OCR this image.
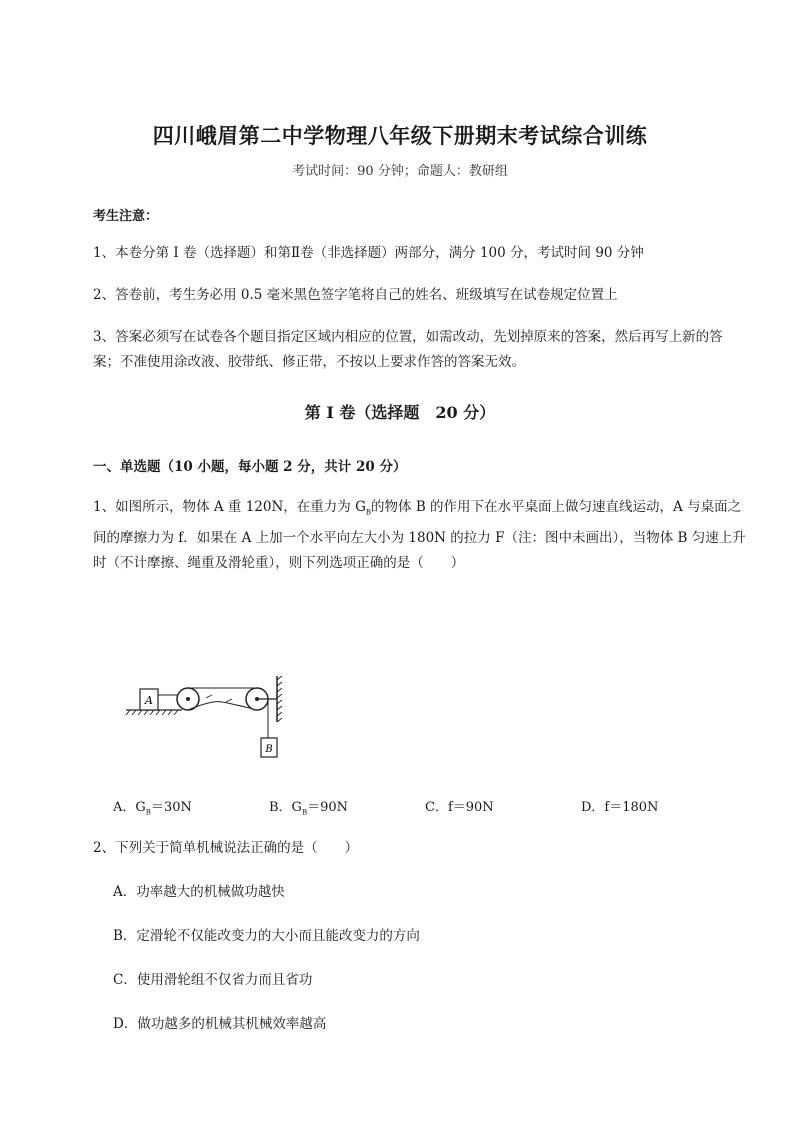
四川峨眉第二中学物理八年级下册期末考试综合训练
考试时间：90 分钟；命题人：教研组
考生注意：
1、本卷分第 I 卷（选择题）和第Ⅱ卷（非选择题）两部分，满分 100 分，考试时间 90 分钟
2、答卷前，考生务必用 0.5 毫米黑色签字笔将自己的姓名、班级填写在试卷规定位置上
3、答案必须写在试卷各个题目指定区域内相应的位置，如需改动，先划掉原来的答案，然后再写上新的答案；不准使用涂改液、胶带纸、修正带，不按以上要求作答的答案无效。
第 I 卷（选择题　20 分）
一、单选题（10 小题，每小题 2 分，共计 20 分）
1、如图所示，物体 A 重 120N，在重力为 $G_B$的物体 B 的作用下在水平桌面上做匀速直线运动，A 与桌面之间的摩擦力为 f．如果在 A 上加一个水平向左大小为 180N 的拉力 F（注：图中未画出），当物体 B 匀速上升时（不计摩擦、绳重及滑轮重），则下列选项正确的是（　　）
A
B
A．$G_B=30N$	B．$G_B=90N$	C．f＝90N	D．f＝180N
2、下列关于简单机械说法正确的是（　　）
A．功率越大的机械做功越快
B．定滑轮不仅能改变力的大小而且能改变力的方向
C．使用滑轮组不仅省力而且省功
D．做功越多的机械其机械效率越高
